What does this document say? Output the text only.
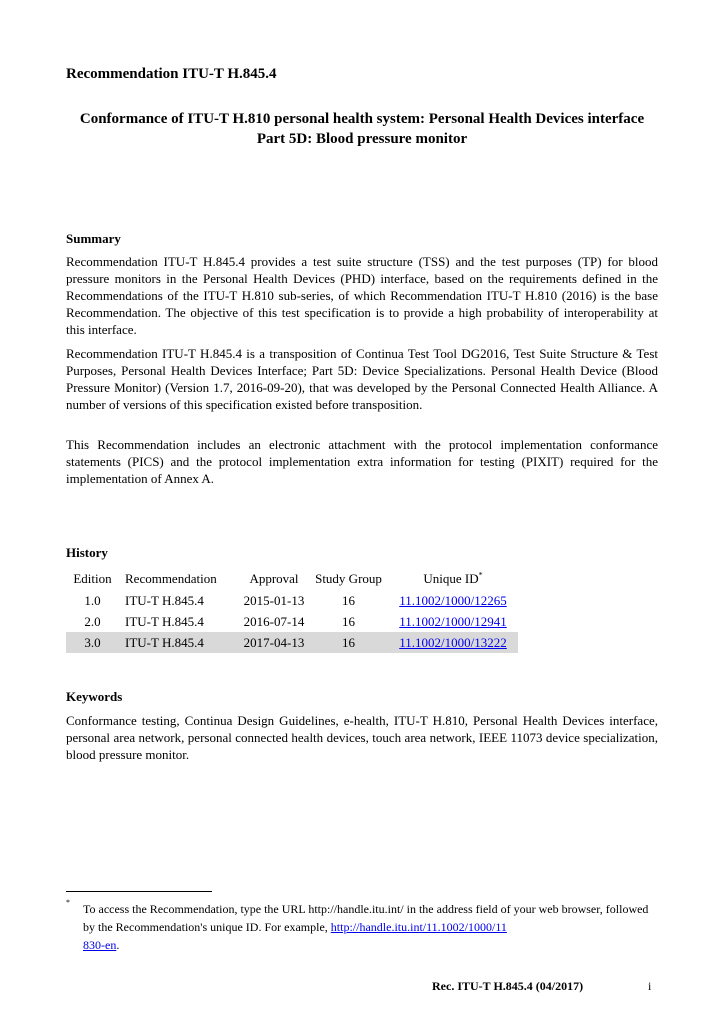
Recommendation ITU-T H.845.4
Conformance of ITU-T H.810 personal health system: Personal Health Devices interface Part 5D: Blood pressure monitor
Summary

Recommendation ITU-T H.845.4 provides a test suite structure (TSS) and the test purposes (TP) for blood pressure monitors in the Personal Health Devices (PHD) interface, based on the requirements defined in the Recommendations of the ITU-T H.810 sub-series, of which Recommendation ITU-T H.810 (2016) is the base Recommendation. The objective of this test specification is to provide a high probability of interoperability at this interface.

Recommendation ITU-T H.845.4 is a transposition of Continua Test Tool DG2016, Test Suite Structure & Test Purposes, Personal Health Devices Interface; Part 5D: Device Specializations. Personal Health Device (Blood Pressure Monitor) (Version 1.7, 2016-09-20), that was developed by the Personal Connected Health Alliance. A number of versions of this specification existed before transposition.

This Recommendation includes an electronic attachment with the protocol implementation conformance statements (PICS) and the protocol implementation extra information for testing (PIXIT) required for the implementation of Annex A.

History
Edition	Recommendation	Approval	Study Group	Unique ID*
1.0	ITU-T H.845.4	2015-01-13	16	11.1002/1000/12265
2.0	ITU-T H.845.4	2016-07-14	16	11.1002/1000/12941
3.0	ITU-T H.845.4	2017-04-13	16	11.1002/1000/13222
Keywords

Conformance testing, Continua Design Guidelines, e-health, ITU-T H.810, Personal Health Devices interface, personal area network, personal connected health devices, touch area network, IEEE 11073 device specialization, blood pressure monitor.

* To access the Recommendation, type the URL http://handle.itu.int/ in the address field of your web browser, followed by the Recommendation's unique ID. For example, http://handle.itu.int/11.1002/1000/11
830-en.

Rec. ITU-T H.845.4 (04/2017)	i
